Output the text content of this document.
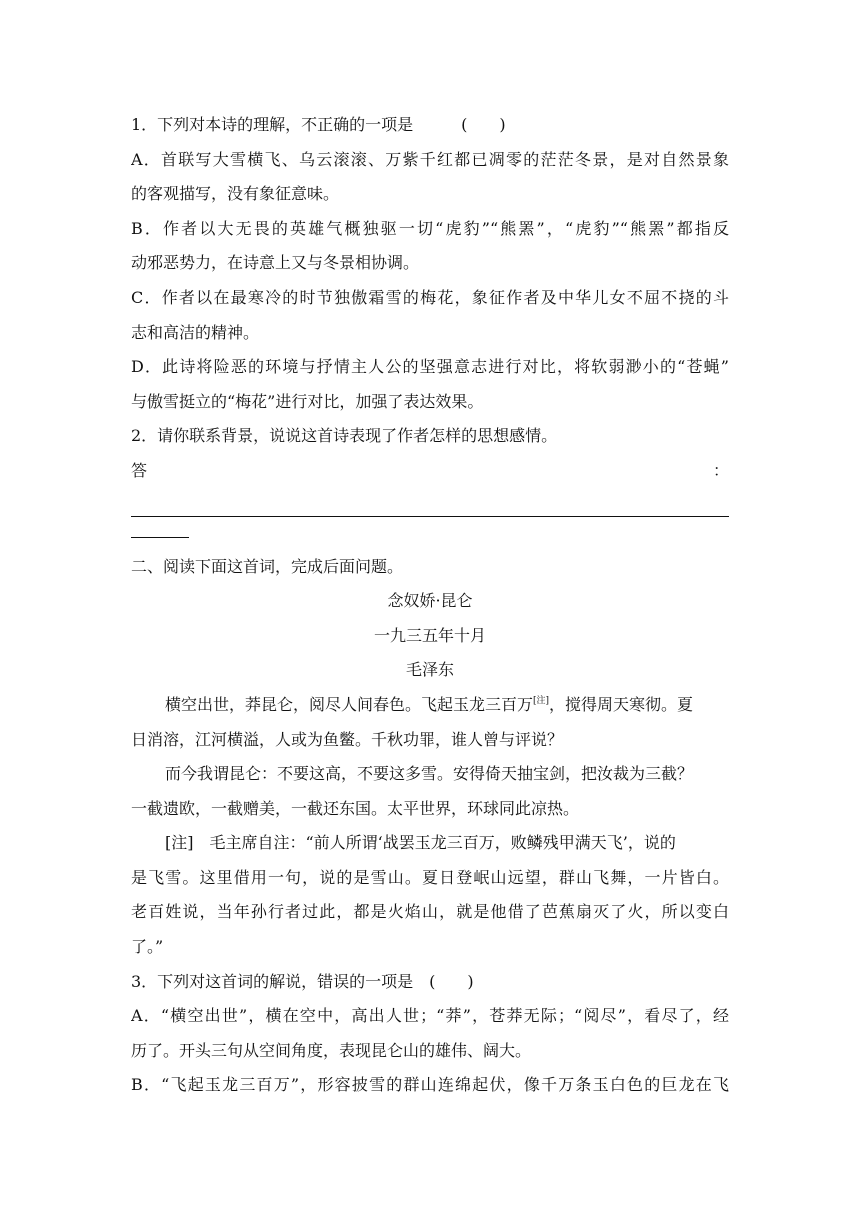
1．下列对本诗的理解，不正确的一项是　　　(　　)
A．首联写大雪横飞、乌云滚滚、万紫千红都已凋零的茫茫冬景，是对自然景象
的客观描写，没有象征意味。
B．作者以大无畏的英雄气概独驱一切“虎豹”“熊罴”，“虎豹”“熊罴”都指反
动邪恶势力，在诗意上又与冬景相协调。
C．作者以在最寒冷的时节独傲霜雪的梅花，象征作者及中华儿女不屈不挠的斗
志和高洁的精神。
D．此诗将险恶的环境与抒情主人公的坚强意志进行对比，将软弱渺小的“苍蝇”
与傲雪挺立的“梅花”进行对比，加强了表达效果。
2．请你联系背景，说说这首诗表现了作者怎样的思想感情。
答	：
二、阅读下面这首词，完成后面问题。
念奴娇·昆仑
一九三五年十月
毛泽东
横空出世，莽昆仑，阅尽人间春色。飞起玉龙三百万[注]，搅得周天寒彻。夏
日消溶，江河横溢，人或为鱼鳖。千秋功罪，谁人曾与评说？
而今我谓昆仑：不要这高，不要这多雪。安得倚天抽宝剑，把汝裁为三截？
一截遗欧，一截赠美，一截还东国。太平世界，环球同此凉热。
[注]　毛主席自注：“前人所谓‘战罢玉龙三百万，败鳞残甲满天飞’，说的
是飞雪。这里借用一句，说的是雪山。夏日登岷山远望，群山飞舞，一片皆白。
老百姓说，当年孙行者过此，都是火焰山，就是他借了芭蕉扇灭了火，所以变白
了。”
3．下列对这首词的解说，错误的一项是　(　　)
A．“横空出世”，横在空中，高出人世；“莽”，苍莽无际；“阅尽”，看尽了，经
历了。开头三句从空间角度，表现昆仑山的雄伟、阔大。
B．“飞起玉龙三百万”，形容披雪的群山连绵起伏，像千万条玉白色的巨龙在飞
